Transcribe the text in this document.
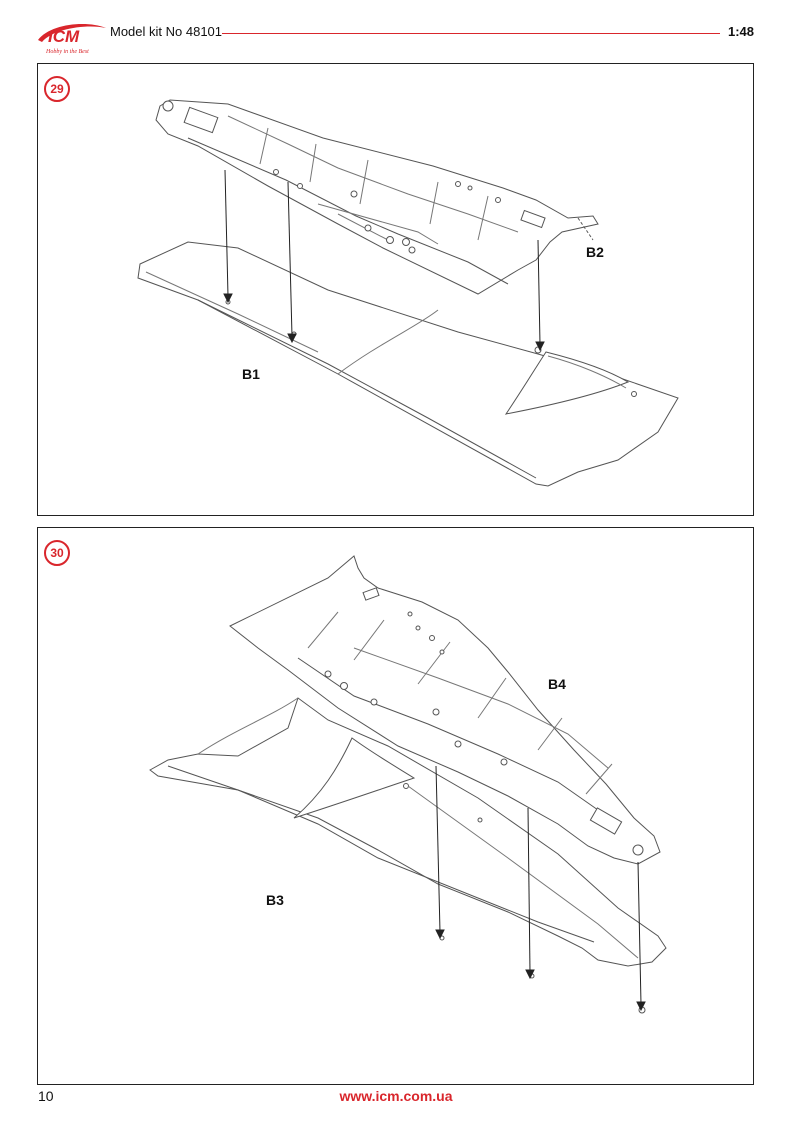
ICM
Hobby in the Best
Model kit No 48101	1:48
29
B1
B2
30
B3
B4
10	www.icm.com.ua
